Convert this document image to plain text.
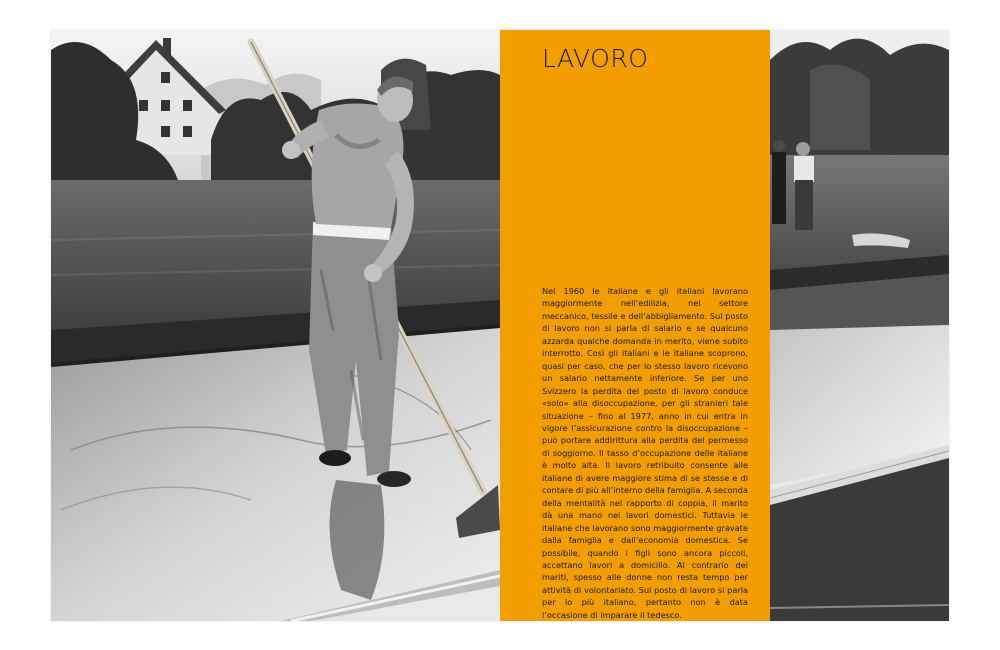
LAVORO

Nel 1960 le italiane e gli italiani lavorano maggiormente nell’edilizia, nel settore meccanico, tessile e dell’abbigliamento. Sul posto di lavoro non si parla di salario e se qualcuno azzarda qualche domanda in merito, viene subito interrotto. Così gli italiani e le italiane scoprono, quasi per caso, che per lo stesso lavoro ricevono un salario nettamente inferiore. Se per uno Svizzero la perdita del posto di lavoro conduce «solo» alla disoccupazione, per gli stranieri tale situazione – fino al 1977, anno in cui entra in vigore l’assicurazione contro la disoccupazione – può portare addirittura alla perdita del permesso di soggiorno. Il tasso d’occupazione delle italiane è molto alta. Il lavoro retribuito consente alle italiane di avere maggiore stima di se stesse e di contare di più all’interno della famiglia. A seconda della mentalità nel rapporto di coppia, il marito dà una mano nei lavori domestici. Tuttavia le italiane che lavorano sono maggiormente gravate dalla famiglia e dall’economia domestica. Se possibile, quando i figli sono ancora piccoli, accettano lavori a domicilio. Al contrario dei mariti, spesso alle donne non resta tempo per attività di volontariato. Sul posto di lavoro si parla per lo più italiano, pertanto non è data l’occasione di imparare il tedesco.
